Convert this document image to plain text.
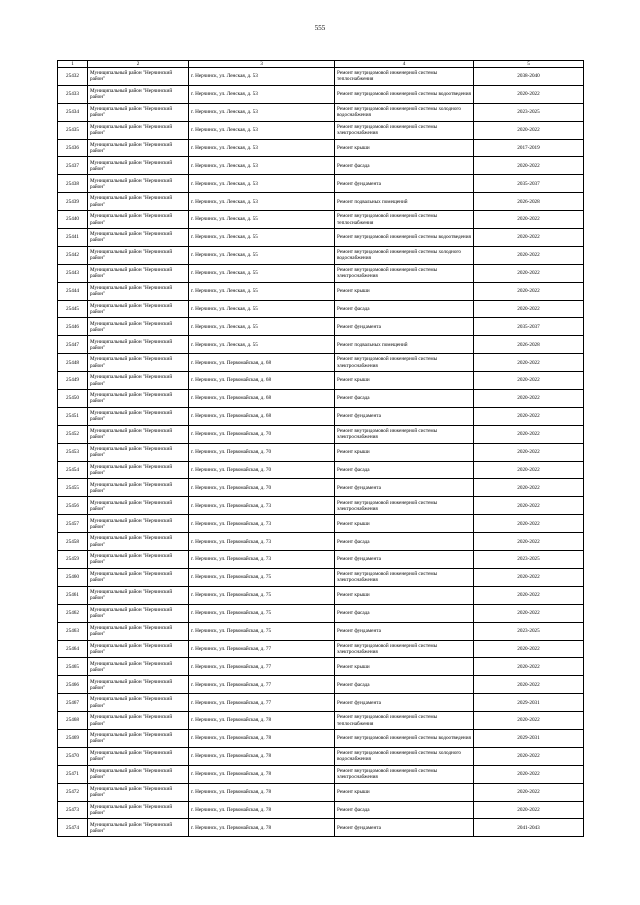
555
1	2	3	4	5
25432	Муниципальный район "Нерчинский район"	г. Нерчинск, ул. Ленская, д. 53	Ремонт внутридомовой инженерной системы теплоснабжения	2038-2040
25433	Муниципальный район "Нерчинский район"	г. Нерчинск, ул. Ленская, д. 53	Ремонт внутридомовой инженерной системы водоотведения	2020-2022
25434	Муниципальный район "Нерчинский район"	г. Нерчинск, ул. Ленская, д. 53	Ремонт внутридомовой инженерной системы холодного водоснабжения	2023-2025
25435	Муниципальный район "Нерчинский район"	г. Нерчинск, ул. Ленская, д. 53	Ремонт внутридомовой инженерной системы электроснабжения	2020-2022
25436	Муниципальный район "Нерчинский район"	г. Нерчинск, ул. Ленская, д. 53	Ремонт крыши	2017-2019
25437	Муниципальный район "Нерчинский район"	г. Нерчинск, ул. Ленская, д. 53	Ремонт фасада	2020-2022
25438	Муниципальный район "Нерчинский район"	г. Нерчинск, ул. Ленская, д. 53	Ремонт фундамента	2035-2037
25439	Муниципальный район "Нерчинский район"	г. Нерчинск, ул. Ленская, д. 53	Ремонт подвальных помещений	2026-2028
25440	Муниципальный район "Нерчинский район"	г. Нерчинск, ул. Ленская, д. 55	Ремонт внутридомовой инженерной системы теплоснабжения	2020-2022
25441	Муниципальный район "Нерчинский район"	г. Нерчинск, ул. Ленская, д. 55	Ремонт внутридомовой инженерной системы водоотведения	2020-2022
25442	Муниципальный район "Нерчинский район"	г. Нерчинск, ул. Ленская, д. 55	Ремонт внутридомовой инженерной системы холодного водоснабжения	2020-2022
25443	Муниципальный район "Нерчинский район"	г. Нерчинск, ул. Ленская, д. 55	Ремонт внутридомовой инженерной системы электроснабжения	2020-2022
25444	Муниципальный район "Нерчинский район"	г. Нерчинск, ул. Ленская, д. 55	Ремонт крыши	2020-2022
25445	Муниципальный район "Нерчинский район"	г. Нерчинск, ул. Ленская, д. 55	Ремонт фасада	2020-2022
25446	Муниципальный район "Нерчинский район"	г. Нерчинск, ул. Ленская, д. 55	Ремонт фундамента	2035-2037
25447	Муниципальный район "Нерчинский район"	г. Нерчинск, ул. Ленская, д. 55	Ремонт подвальных помещений	2026-2028
25448	Муниципальный район "Нерчинский район"	г. Нерчинск, ул. Первомайская, д. 68	Ремонт внутридомовой инженерной системы электроснабжения	2020-2022
25449	Муниципальный район "Нерчинский район"	г. Нерчинск, ул. Первомайская, д. 68	Ремонт крыши	2020-2022
25450	Муниципальный район "Нерчинский район"	г. Нерчинск, ул. Первомайская, д. 68	Ремонт фасада	2020-2022
25451	Муниципальный район "Нерчинский район"	г. Нерчинск, ул. Первомайская, д. 68	Ремонт фундамента	2020-2022
25452	Муниципальный район "Нерчинский район"	г. Нерчинск, ул. Первомайская, д. 70	Ремонт внутридомовой инженерной системы электроснабжения	2020-2022
25453	Муниципальный район "Нерчинский район"	г. Нерчинск, ул. Первомайская, д. 70	Ремонт крыши	2020-2022
25454	Муниципальный район "Нерчинский район"	г. Нерчинск, ул. Первомайская, д. 70	Ремонт фасада	2020-2022
25455	Муниципальный район "Нерчинский район"	г. Нерчинск, ул. Первомайская, д. 70	Ремонт фундамента	2020-2022
25456	Муниципальный район "Нерчинский район"	г. Нерчинск, ул. Первомайская, д. 73	Ремонт внутридомовой инженерной системы электроснабжения	2020-2022
25457	Муниципальный район "Нерчинский район"	г. Нерчинск, ул. Первомайская, д. 73	Ремонт крыши	2020-2022
25458	Муниципальный район "Нерчинский район"	г. Нерчинск, ул. Первомайская, д. 73	Ремонт фасада	2020-2022
25459	Муниципальный район "Нерчинский район"	г. Нерчинск, ул. Первомайская, д. 73	Ремонт фундамента	2023-2025
25460	Муниципальный район "Нерчинский район"	г. Нерчинск, ул. Первомайская, д. 75	Ремонт внутридомовой инженерной системы электроснабжения	2020-2022
25461	Муниципальный район "Нерчинский район"	г. Нерчинск, ул. Первомайская, д. 75	Ремонт крыши	2020-2022
25462	Муниципальный район "Нерчинский район"	г. Нерчинск, ул. Первомайская, д. 75	Ремонт фасада	2020-2022
25463	Муниципальный район "Нерчинский район"	г. Нерчинск, ул. Первомайская, д. 75	Ремонт фундамента	2023-2025
25464	Муниципальный район "Нерчинский район"	г. Нерчинск, ул. Первомайская, д. 77	Ремонт внутридомовой инженерной системы электроснабжения	2020-2022
25465	Муниципальный район "Нерчинский район"	г. Нерчинск, ул. Первомайская, д. 77	Ремонт крыши	2020-2022
25466	Муниципальный район "Нерчинский район"	г. Нерчинск, ул. Первомайская, д. 77	Ремонт фасада	2020-2022
25467	Муниципальный район "Нерчинский район"	г. Нерчинск, ул. Первомайская, д. 77	Ремонт фундамента	2029-2031
25468	Муниципальный район "Нерчинский район"	г. Нерчинск, ул. Первомайская, д. 78	Ремонт внутридомовой инженерной системы теплоснабжения	2020-2022
25469	Муниципальный район "Нерчинский район"	г. Нерчинск, ул. Первомайская, д. 78	Ремонт внутридомовой инженерной системы водоотведения	2029-2031
25470	Муниципальный район "Нерчинский район"	г. Нерчинск, ул. Первомайская, д. 78	Ремонт внутридомовой инженерной системы холодного водоснабжения	2020-2022
25471	Муниципальный район "Нерчинский район"	г. Нерчинск, ул. Первомайская, д. 78	Ремонт внутридомовой инженерной системы электроснабжения	2020-2022
25472	Муниципальный район "Нерчинский район"	г. Нерчинск, ул. Первомайская, д. 78	Ремонт крыши	2020-2022
25473	Муниципальный район "Нерчинский район"	г. Нерчинск, ул. Первомайская, д. 78	Ремонт фасада	2020-2022
25474	Муниципальный район "Нерчинский район"	г. Нерчинск, ул. Первомайская, д. 78	Ремонт фундамента	2041-2043
